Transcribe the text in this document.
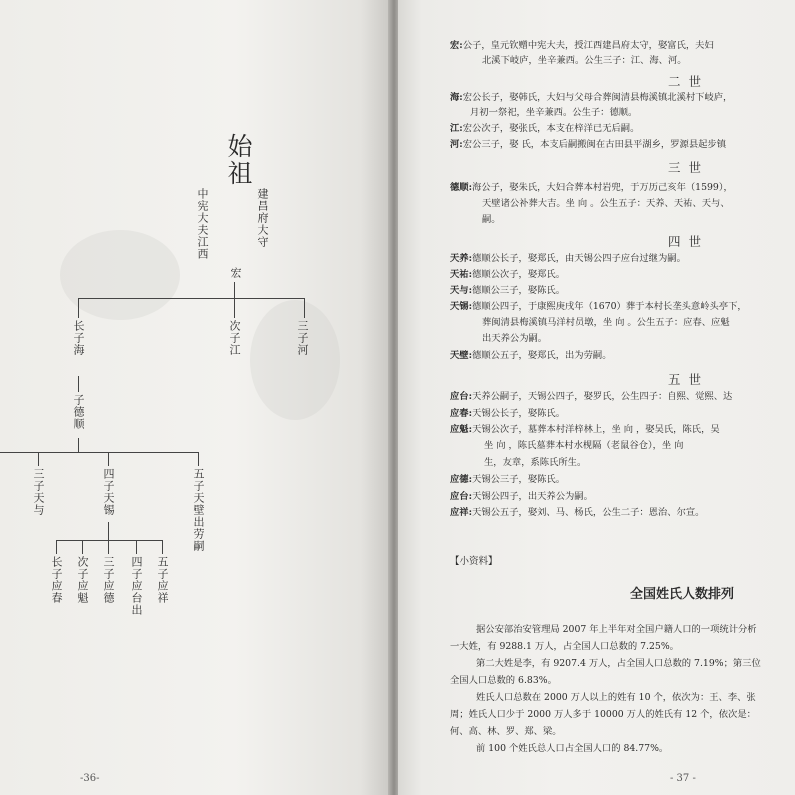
始
祖
中宪大夫江西	建昌府大守
宏
长子海	次子江	三子河
子德顺
三子天与	四子天锡	五子天壁出劳嗣
长子应春 次子应魁 三子应德 四子应台出 五子应祥
-36-
宏:公子，皇元钦赠中宪大夫，授江西建昌府太守，娶富氏，夫妇
北溪下岐庐，坐辛兼西。公生三子：江、海、河。
二 世
海:宏公长子，娶韩氏，大妇与父母合葬闽清县梅溪镇北溪村下岐庐，
月初一祭祀，坐辛兼西。公生子：德顺。
江:宏公次子，娶张氏，本支在梓洋已无后嗣。
河:宏公三子，娶 氏，本支后嗣搬闽在古田县平湖乡，罗源县起步镇
三 世
德顺:海公子，娶朱氏，大妇合葬本村岩兜，于万历己亥年（1599），
天壁诸公补葬大吉。坐 向 。公生五子：天养、天祐、天与、
嗣。
四 世
天养:德顺公长子，娶郑氏，由天锡公四子应台过继为嗣。
天祐:德顺公次子，娶郑氏。
天与:德顺公三子，娶陈氏。
天锡:德顺公四子，于康熙庚戌年（1670）葬于本村长垄头意岭头亭下，
葬闽清县梅溪镇马洋村员墩，坐 向 。公生五子：应春、应魁
出天养公为嗣。
天壁:德顺公五子，娶郑氏，出为劳嗣。
五 世
应台:天养公嗣子，天锡公四子，娶罗氏，公生四子：自熙、觉熙、达
应春:天锡公长子，娶陈氏。
应魁:天锡公次子，墓葬本村洋梓林上，坐 向 ，娶吴氏，陈氏，吴
坐 向 ，陈氏墓葬本村水枧隔（老鼠谷仓），坐 向
生，友章，系陈氏所生。
应德:天锡公三子，娶陈氏。
应台:天锡公四子，出天养公为嗣。
应祥:天锡公五子，娶刘、马、杨氏，公生二子：恩治、尔宣。
【小资料】
全国姓氏人数排列
据公安部治安管理局 2007 年上半年对全国户籍人口的一项统计分析
一大姓，有 9288.1 万人，占全国人口总数的 7.25%。
第二大姓是李，有 9207.4 万人，占全国人口总数的 7.19%；第三位
全国人口总数的 6.83%。
姓氏人口总数在 2000 万人以上的姓有 10 个，依次为：王、李、张
周；姓氏人口少于 2000 万人多于 10000 万人的姓氏有 12 个，依次是：
何、高、林、罗、郑、梁。
前 100 个姓氏总人口占全国人口的 84.77%。
- 37 -
